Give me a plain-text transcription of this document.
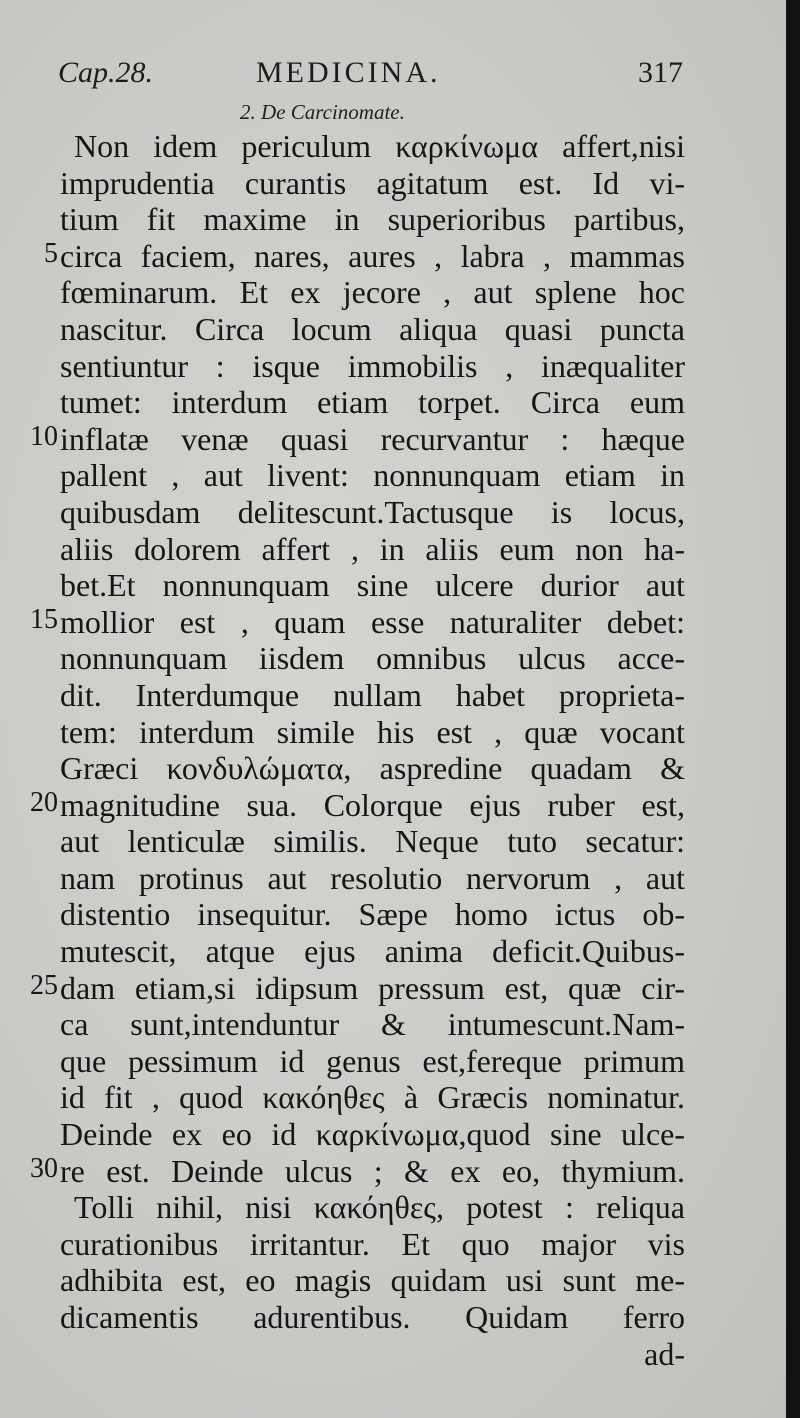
Cap.28.	MEDICINA.	317
2. De Carcinomate.
Non idem periculum καρκίνωμα affert,nisi
imprudentia curantis agitatum est. Id vi-
tium fit maxime in superioribus partibus,
5 circa faciem, nares, aures , labra , mammas
fœminarum. Et ex jecore , aut splene hoc
nascitur. Circa locum aliqua quasi puncta
sentiuntur : isque immobilis , inæqualiter
tumet: interdum etiam torpet. Circa eum
10 inflatæ venæ quasi recurvantur : hæque
pallent , aut livent: nonnunquam etiam in
quibusdam delitescunt.Tactusque is locus,
aliis dolorem affert , in aliis eum non ha-
bet.Et nonnunquam sine ulcere durior aut
15 mollior est , quam esse naturaliter debet:
nonnunquam iisdem omnibus ulcus acce-
dit. Interdumque nullam habet proprieta-
tem: interdum simile his est , quæ vocant
Græci κονδυλώματα, aspredine quadam &
20 magnitudine sua. Colorque ejus ruber est,
aut lenticulæ similis. Neque tuto secatur:
nam protinus aut resolutio nervorum , aut
distentio insequitur. Sæpe homo ictus ob-
mutescit, atque ejus anima deficit.Quibus-
25 dam etiam,si idipsum pressum est, quæ cir-
ca sunt,intenduntur & intumescunt.Nam-
que pessimum id genus est,fereque primum
id fit , quod κακόηθες à Græcis nominatur.
Deinde ex eo id καρκίνωμα,quod sine ulce-
30 re est. Deinde ulcus ; & ex eo, thymium.
Tolli nihil, nisi κακόηθες, potest : reliqua
curationibus irritantur. Et quo major vis
adhibita est, eo magis quidam usi sunt me-
dicamentis adurentibus. Quidam ferro
ad-
